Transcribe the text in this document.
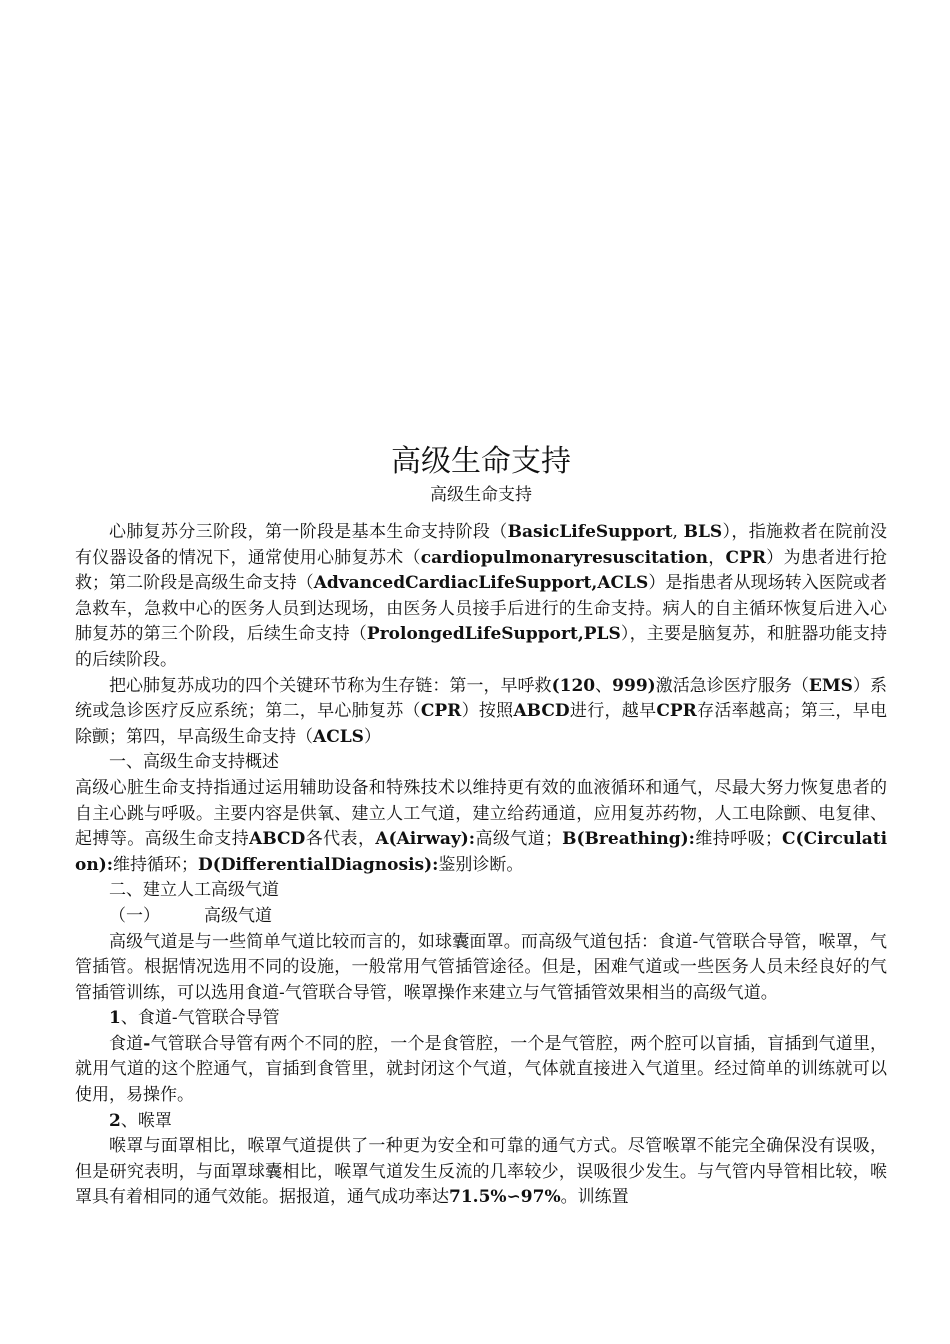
高级生命支持
高级生命支持

心肺复苏分三阶段，第一阶段是基本生命支持阶段（BasicLifeSupport, BLS），指施救者在院前没有仪器设备的情况下，通常使用心肺复苏术（cardiopulmonaryresuscitation，CPR）为患者进行抢救；第二阶段是高级生命支持（AdvancedCardiacLifeSupport,ACLS）是指患者从现场转入医院或者急救车，急救中心的医务人员到达现场，由医务人员接手后进行的生命支持。病人的自主循环恢复后进入心肺复苏的第三个阶段，后续生命支持（ProlongedLifeSupport,PLS），主要是脑复苏，和脏器功能支持的后续阶段。

把心肺复苏成功的四个关键环节称为生存链：第一，早呼救(120、999)激活急诊医疗服务（EMS）系统或急诊医疗反应系统；第二，早心肺复苏（CPR）按照ABCD进行，越早CPR存活率越高；第三，早电除颤；第四，早高级生命支持（ACLS）

一、高级生命支持概述

高级心脏生命支持指通过运用辅助设备和特殊技术以维持更有效的血液循环和通气，尽最大努力恢复患者的自主心跳与呼吸。主要内容是供氧、建立人工气道，建立给药通道，应用复苏药物，人工电除颤、电复律、起搏等。高级生命支持ABCD各代表，A(Airway):高级气道；B(Breathing):维持呼吸；C(Circulation):维持循环；D(DifferentialDiagnosis):鉴别诊断。

二、建立人工高级气道

（一）	高级气道

高级气道是与一些简单气道比较而言的，如球囊面罩。而高级气道包括：食道-气管联合导管，喉罩，气管插管。根据情况选用不同的设施，一般常用气管插管途径。但是，困难气道或一些医务人员未经良好的气管插管训练，可以选用食道-气管联合导管，喉罩操作来建立与气管插管效果相当的高级气道。

1、食道-气管联合导管

食道-气管联合导管有两个不同的腔，一个是食管腔，一个是气管腔，两个腔可以盲插，盲插到气道里，就用气道的这个腔通气，盲插到食管里，就封闭这个气道，气体就直接进入气道里。经过简单的训练就可以使用，易操作。

2、喉罩

喉罩与面罩相比，喉罩气道提供了一种更为安全和可靠的通气方式。尽管喉罩不能完全确保没有误吸，但是研究表明，与面罩球囊相比，喉罩气道发生反流的几率较少，误吸很少发生。与气管内导管相比较，喉罩具有着相同的通气效能。据报道，通气成功率达71.5%∽97%。训练置
